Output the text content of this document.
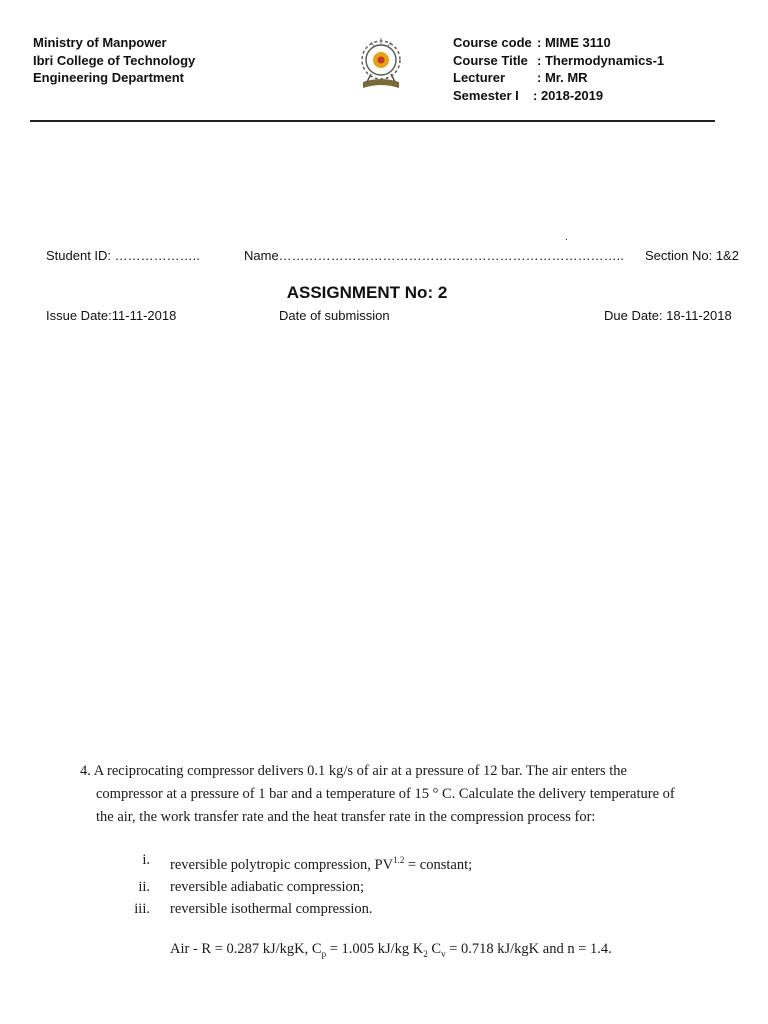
Ministry of Manpower
Ibri College of Technology
Engineering Department
Course code : MIME 3110
Course Title : Thermodynamics-1
Lecturer	: Mr. MR
Semester I	: 2018-2019
.
Student ID: ………………..	Name…………………………………………………………………….. Section No: 1&2
ASSIGNMENT No: 2
Issue Date:11-11-2018	Date of submission	Due Date: 18-11-2018
4. A reciprocating compressor delivers 0.1 kg/s of air at a pressure of 12 bar. The air enters the
compressor at a pressure of 1 bar and a temperature of 15 ° C. Calculate the delivery temperature of
the air, the work transfer rate and the heat transfer rate in the compression process for:
i. reversible polytropic compression, $PV^{1.2}$ = constant;
ii. reversible adiabatic compression;
iii. reversible isothermal compression.
Air - R = 0.287 kJ/kgK, $C_p = 1.005$ kJ/kg $K_2$ $C_v = 0.718$ kJ/kgK and n = 1.4.
